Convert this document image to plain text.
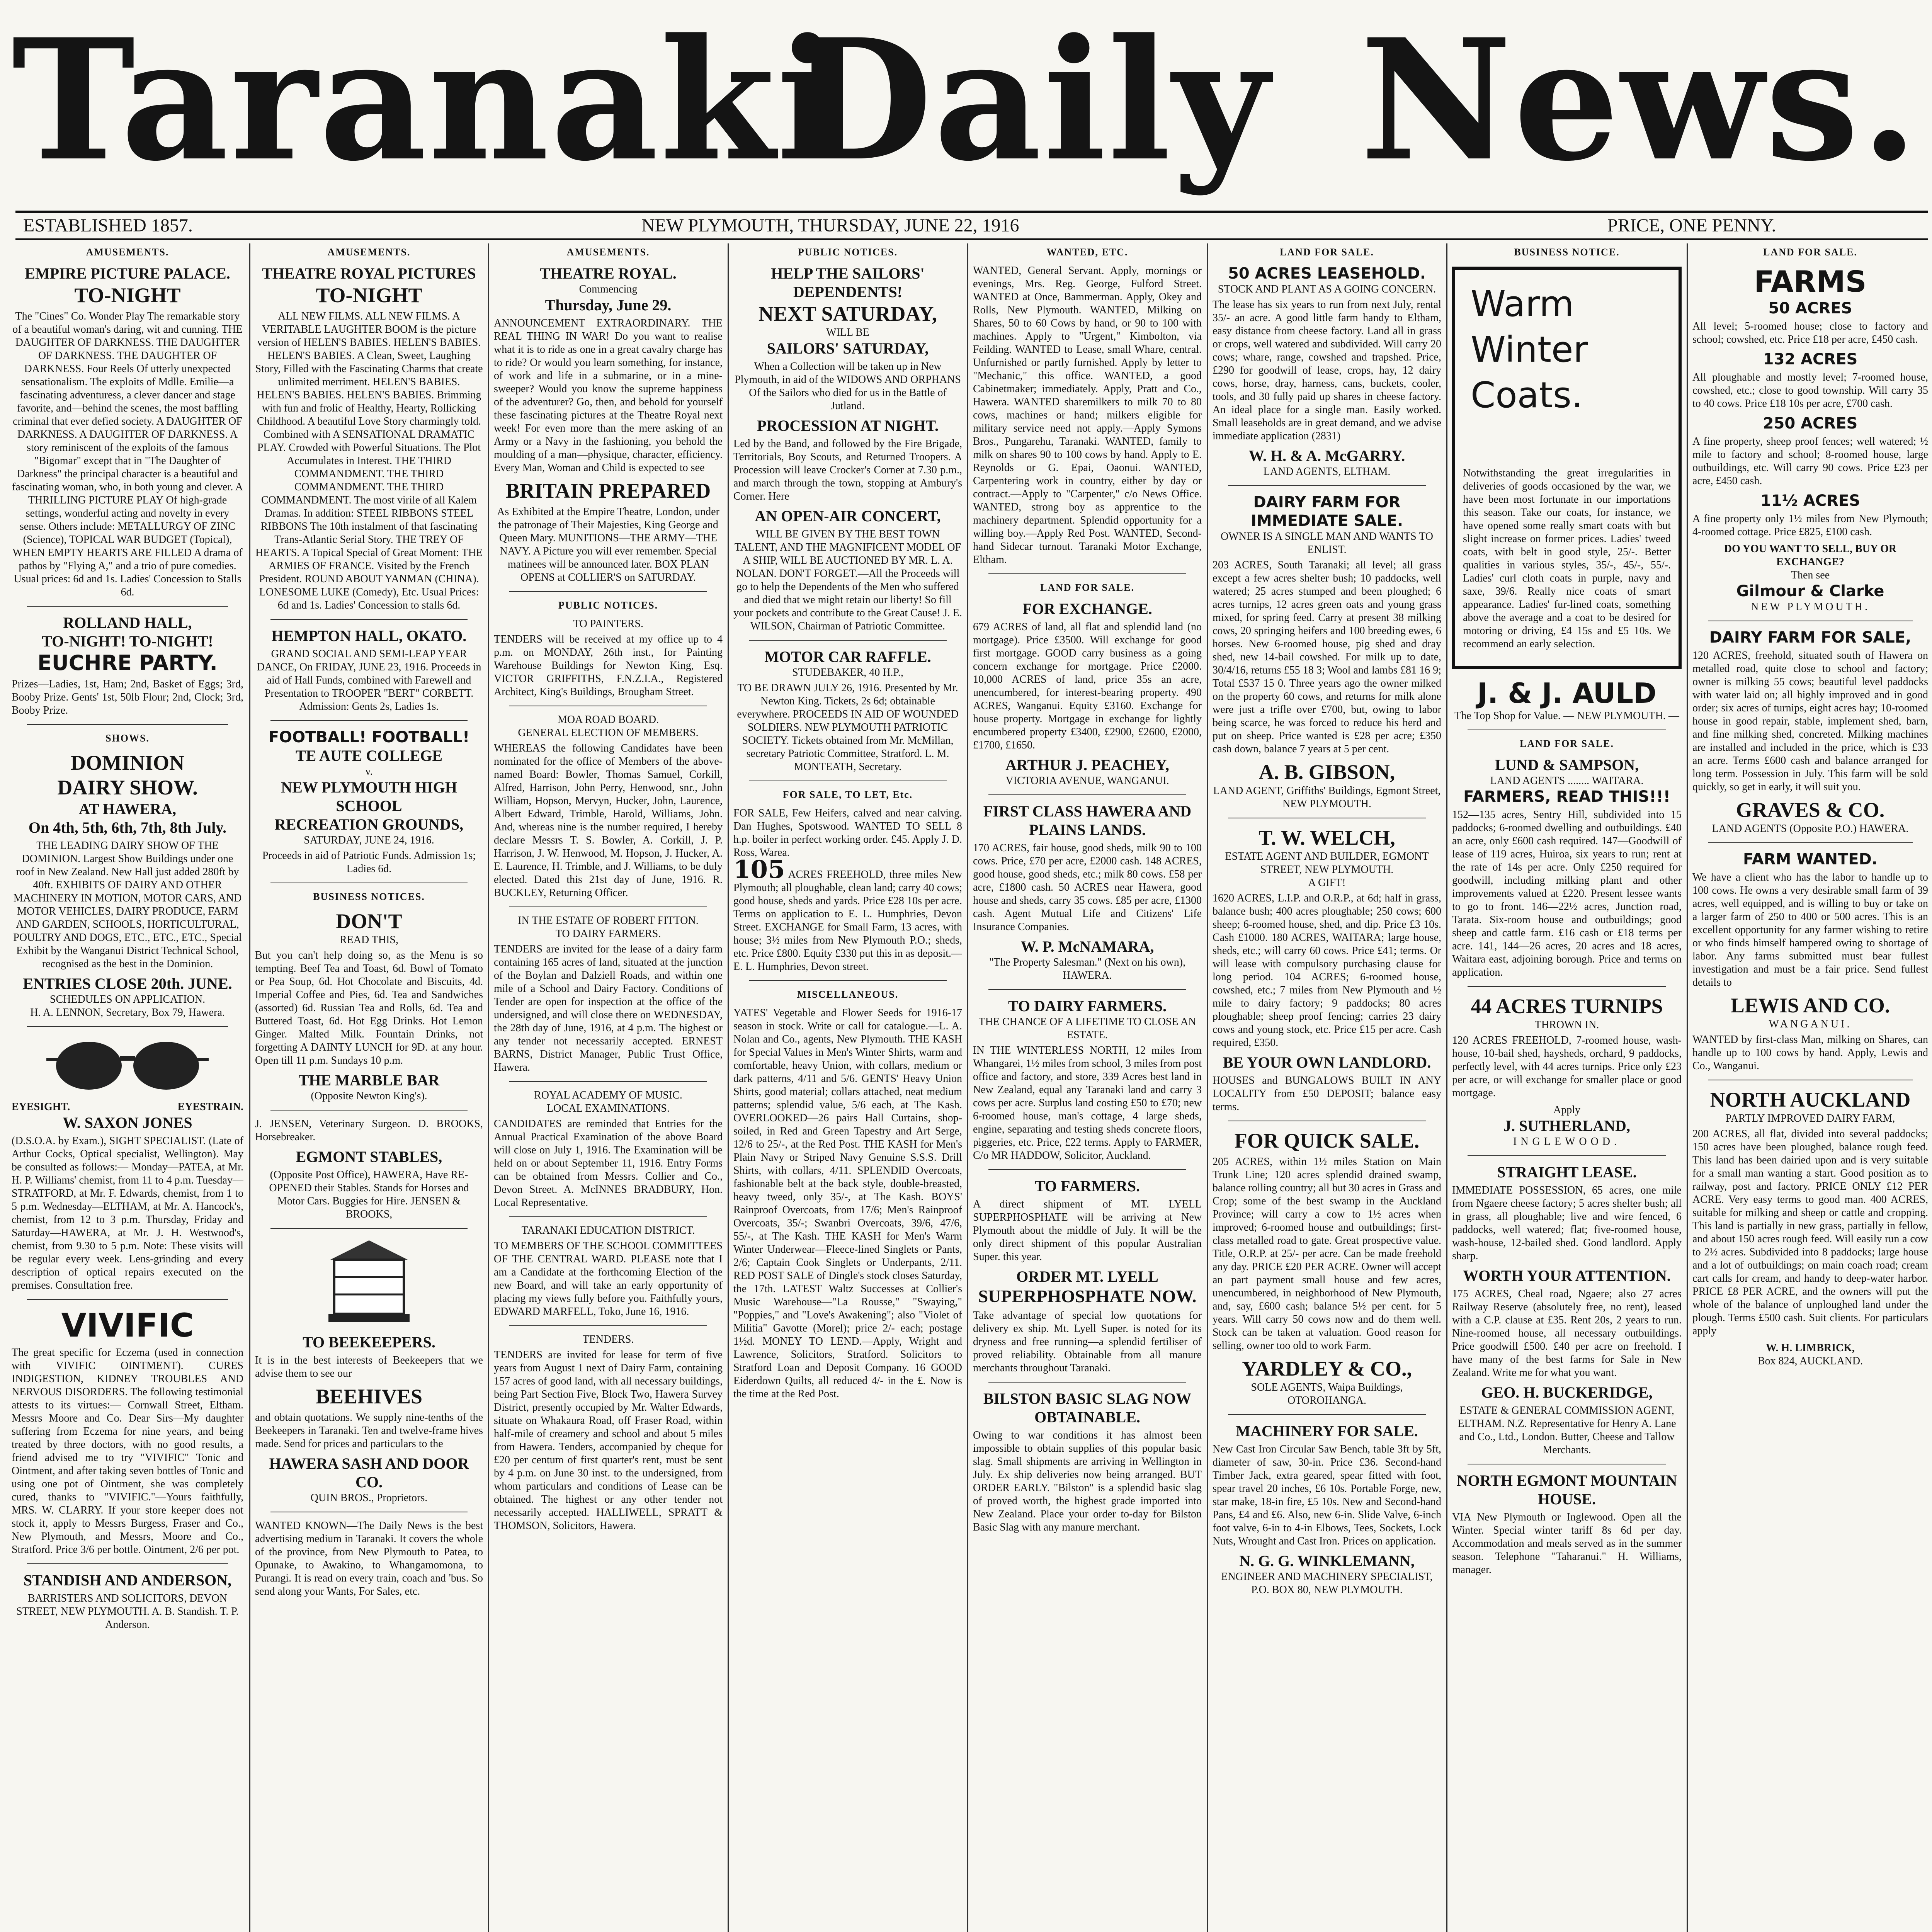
Taranaki
Daily News.
ESTABLISHED 1857.	NEW PLYMOUTH, THURSDAY, JUNE 22, 1916	PRICE, ONE PENNY.
AMUSEMENTS.
EMPIRE PICTURE PALACE.
TO-NIGHT
The "Cines" Co. Wonder Play The remarkable story of a beautiful woman's daring, wit and cunning. THE DAUGHTER OF DARKNESS. THE DAUGHTER OF DARKNESS. THE DAUGHTER OF DARKNESS. Four Reels Of utterly unexpected sensationalism. The exploits of Mdlle. Emilie—a fascinating adventuress, a clever dancer and stage favorite, and—behind the scenes, the most baffling criminal that ever defied society. A DAUGHTER OF DARKNESS. A DAUGHTER OF DARKNESS. A story reminiscent of the exploits of the famous "Bigomar" except that in "The Daughter of Darkness" the principal character is a beautiful and fascinating woman, who, in both young and clever. A THRILLING PICTURE PLAY Of high-grade settings, wonderful acting and novelty in every sense. Others include: METALLURGY OF ZINC (Science), TOPICAL WAR BUDGET (Topical), WHEN EMPTY HEARTS ARE FILLED A drama of pathos by "Flying A," and a trio of pure comedies. Usual prices: 6d and 1s. Ladies' Concession to Stalls 6d.
ROLLAND HALL,
TO-NIGHT! TO-NIGHT!
EUCHRE PARTY.
Prizes—Ladies, 1st, Ham; 2nd, Basket of Eggs; 3rd, Booby Prize. Gents' 1st, 50lb Flour; 2nd, Clock; 3rd, Booby Prize.
SHOWS.
DOMINION
DAIRY SHOW.
AT HAWERA,
On 4th, 5th, 6th, 7th, 8th July.
THE LEADING DAIRY SHOW OF THE DOMINION. Largest Show Buildings under one roof in New Zealand. New Hall just added 280ft by 40ft. EXHIBITS OF DAIRY AND OTHER MACHINERY IN MOTION, MOTOR CARS, AND MOTOR VEHICLES, DAIRY PRODUCE, FARM AND GARDEN, SCHOOLS, HORTICULTURAL, POULTRY AND DOGS, ETC., ETC., ETC., Special Exhibit by the Wanganui District Technical School, recognised as the best in the Dominion.
ENTRIES CLOSE 20th. JUNE.
SCHEDULES ON APPLICATION.
H. A. LENNON, Secretary, Box 79, Hawera.
EYESIGHT.	EYESTRAIN.
W. SAXON JONES
(D.S.O.A. by Exam.), SIGHT SPECIALIST. (Late of Arthur Cocks, Optical specialist, Wellington). May be consulted as follows:— Monday—PATEA, at Mr. H. P. Williams' chemist, from 11 to 4 p.m. Tuesday—STRATFORD, at Mr. F. Edwards, chemist, from 1 to 5 p.m. Wednesday—ELTHAM, at Mr. A. Hancock's, chemist, from 12 to 3 p.m. Thursday, Friday and Saturday—HAWERA, at Mr. J. H. Westwood's, chemist, from 9.30 to 5 p.m. Note: These visits will be regular every week. Lens-grinding and every description of optical repairs executed on the premises. Consultation free.
VIVIFIC
The great specific for Eczema (used in connection with VIVIFIC OINTMENT). CURES INDIGESTION, KIDNEY TROUBLES AND NERVOUS DISORDERS. The following testimonial attests to its virtues:— Cornwall Street, Eltham. Messrs Moore and Co. Dear Sirs—My daughter suffering from Eczema for nine years, and being treated by three doctors, with no good results, a friend advised me to try "VIVIFIC" Tonic and Ointment, and after taking seven bottles of Tonic and using one pot of Ointment, she was completely cured, thanks to "VIVIFIC."—Yours faithfully, MRS. W. CLARRY. If your store keeper does not stock it, apply to Messrs Burgess, Fraser and Co., New Plymouth, and Messrs, Moore and Co., Stratford. Price 3/6 per bottle. Ointment, 2/6 per pot.
STANDISH AND ANDERSON,
BARRISTERS AND SOLICITORS, DEVON STREET, NEW PLYMOUTH. A. B. Standish. T. P. Anderson.
AMUSEMENTS.
THEATRE ROYAL PICTURES
TO-NIGHT
ALL NEW FILMS. ALL NEW FILMS. A VERITABLE LAUGHTER BOOM is the picture version of HELEN'S BABIES. HELEN'S BABIES. HELEN'S BABIES. A Clean, Sweet, Laughing Story, Filled with the Fascinating Charms that create unlimited merriment. HELEN'S BABIES. HELEN'S BABIES. HELEN'S BABIES. Brimming with fun and frolic of Healthy, Hearty, Rollicking Childhood. A beautiful Love Story charmingly told. Combined with A SENSATIONAL DRAMATIC PLAY. Crowded with Powerful Situations. The Plot Accumulates in Interest. THE THIRD COMMANDMENT. THE THIRD COMMANDMENT. THE THIRD COMMANDMENT. The most virile of all Kalem Dramas. In addition: STEEL RIBBONS STEEL RIBBONS The 10th instalment of that fascinating Trans-Atlantic Serial Story. THE TREY OF HEARTS. A Topical Special of Great Moment: THE ARMIES OF FRANCE. Visited by the French President. ROUND ABOUT YANMAN (CHINA). LONESOME LUKE (Comedy), Etc. Usual Prices: 6d and 1s. Ladies' Concession to stalls 6d.
HEMPTON HALL, OKATO.
GRAND SOCIAL AND SEMI-LEAP YEAR DANCE, On FRIDAY, JUNE 23, 1916. Proceeds in aid of Hall Funds, combined with Farewell and Presentation to TROOPER "BERT" CORBETT. Admission: Gents 2s, Ladies 1s.
FOOTBALL! FOOTBALL!
TE AUTE COLLEGE
v.
NEW PLYMOUTH HIGH SCHOOL
RECREATION GROUNDS,
SATURDAY, JUNE 24, 1916.
Proceeds in aid of Patriotic Funds. Admission 1s; Ladies 6d.
BUSINESS NOTICES.
DON'T
READ THIS,
But you can't help doing so, as the Menu is so tempting. Beef Tea and Toast, 6d. Bowl of Tomato or Pea Soup, 6d. Hot Chocolate and Biscuits, 4d. Imperial Coffee and Pies, 6d. Tea and Sandwiches (assorted) 6d. Russian Tea and Rolls, 6d. Tea and Buttered Toast, 6d. Hot Egg Drinks. Hot Lemon Ginger. Malted Milk. Fountain Drinks, not forgetting A DAINTY LUNCH for 9D. at any hour. Open till 11 p.m. Sundays 10 p.m.
THE MARBLE BAR
(Opposite Newton King's).
J. JENSEN, Veterinary Surgeon. D. BROOKS, Horsebreaker.
EGMONT STABLES,
(Opposite Post Office), HAWERA, Have RE-OPENED their Stables. Stands for Horses and Motor Cars. Buggies for Hire. JENSEN & BROOKS,
TO BEEKEEPERS.
It is in the best interests of Beekeepers that we advise them to see our
BEEHIVES
and obtain quotations. We supply nine-tenths of the Beekeepers in Taranaki. Ten and twelve-frame hives made. Send for prices and particulars to the
HAWERA SASH AND DOOR CO.
QUIN BROS., Proprietors.
WANTED KNOWN—The Daily News is the best advertising medium in Taranaki. It covers the whole of the province, from New Plymouth to Patea, to Opunake, to Awakino, to Whangamomona, to Purangi. It is read on every train, coach and 'bus. So send along your Wants, For Sales, etc.
AMUSEMENTS.
THEATRE ROYAL.
Commencing
Thursday, June 29.
ANNOUNCEMENT EXTRAORDINARY. THE REAL THING IN WAR! Do you want to realise what it is to ride as one in a great cavalry charge has to ride? Or would you learn something, for instance, of work and life in a submarine, or in a mine-sweeper? Would you know the supreme happiness of the adventurer? Go, then, and behold for yourself these fascinating pictures at the Theatre Royal next week! For even more than the mere asking of an Army or a Navy in the fashioning, you behold the moulding of a man—physique, character, efficiency. Every Man, Woman and Child is expected to see
BRITAIN PREPARED
As Exhibited at the Empire Theatre, London, under the patronage of Their Majesties, King George and Queen Mary. MUNITIONS—THE ARMY—THE NAVY. A Picture you will ever remember. Special matinees will be announced later. BOX PLAN OPENS at COLLIER'S on SATURDAY.
PUBLIC NOTICES.
TO PAINTERS.
TENDERS will be received at my office up to 4 p.m. on MONDAY, 26th inst., for Painting Warehouse Buildings for Newton King, Esq. VICTOR GRIFFITHS, F.N.Z.I.A., Registered Architect, King's Buildings, Brougham Street.
MOA ROAD BOARD.
GENERAL ELECTION OF MEMBERS.
WHEREAS the following Candidates have been nominated for the office of Members of the above-named Board: Bowler, Thomas Samuel, Corkill, Alfred, Harrison, John Perry, Henwood, snr., John William, Hopson, Mervyn, Hucker, John, Laurence, Albert Edward, Trimble, Harold, Williams, John. And, whereas nine is the number required, I hereby declare Messrs T. S. Bowler, A. Corkill, J. P. Harrison, J. W. Henwood, M. Hopson, J. Hucker, A. E. Laurence, H. Trimble, and J. Williams, to be duly elected. Dated this 21st day of June, 1916. R. BUCKLEY, Returning Officer.
IN THE ESTATE OF ROBERT FITTON.
TO DAIRY FARMERS.
TENDERS are invited for the lease of a dairy farm containing 165 acres of land, situated at the junction of the Boylan and Dalziell Roads, and within one mile of a School and Dairy Factory. Conditions of Tender are open for inspection at the office of the undersigned, and will close there on WEDNESDAY, the 28th day of June, 1916, at 4 p.m. The highest or any tender not necessarily accepted. ERNEST BARNS, District Manager, Public Trust Office, Hawera.
ROYAL ACADEMY OF MUSIC.
LOCAL EXAMINATIONS.
CANDIDATES are reminded that Entries for the Annual Practical Examination of the above Board will close on July 1, 1916. The Examination will be held on or about September 11, 1916. Entry Forms can be obtained from Messrs. Collier and Co., Devon Street. A. McINNES BRADBURY, Hon. Local Representative.
TARANAKI EDUCATION DISTRICT.
TO MEMBERS OF THE SCHOOL COMMITTEES OF THE CENTRAL WARD. PLEASE note that I am a Candidate at the forthcoming Election of the new Board, and will take an early opportunity of placing my views fully before you. Faithfully yours, EDWARD MARFELL, Toko, June 16, 1916.
TENDERS.
TENDERS are invited for lease for term of five years from August 1 next of Dairy Farm, containing 157 acres of good land, with all necessary buildings, being Part Section Five, Block Two, Hawera Survey District, presently occupied by Mr. Walter Edwards, situate on Whakaura Road, off Fraser Road, within half-mile of creamery and school and about 5 miles from Hawera. Tenders, accompanied by cheque for £20 per centum of first quarter's rent, must be sent by 4 p.m. on June 30 inst. to the undersigned, from whom particulars and conditions of Lease can be obtained. The highest or any other tender not necessarily accepted. HALLIWELL, SPRATT & THOMSON, Solicitors, Hawera.
PUBLIC NOTICES.
HELP THE SAILORS' DEPENDENTS!
NEXT SATURDAY,
WILL BE
SAILORS' SATURDAY,
When a Collection will be taken up in New Plymouth, in aid of the WIDOWS AND ORPHANS Of the Sailors who died for us in the Battle of Jutland.
PROCESSION AT NIGHT.
Led by the Band, and followed by the Fire Brigade, Territorials, Boy Scouts, and Returned Troopers. A Procession will leave Crocker's Corner at 7.30 p.m., and march through the town, stopping at Ambury's Corner. Here
AN OPEN-AIR CONCERT,
WILL BE GIVEN BY THE BEST TOWN TALENT, AND THE MAGNIFICENT MODEL OF A SHIP, WILL BE AUCTIONED BY MR. L. A. NOLAN. DON'T FORGET.—All the Proceeds will go to help the Dependents of the Men who suffered and died that we might retain our liberty! So fill your pockets and contribute to the Great Cause! J. E. WILSON, Chairman of Patriotic Committee.
MOTOR CAR RAFFLE.
STUDEBAKER, 40 H.P.,
TO BE DRAWN JULY 26, 1916. Presented by Mr. Newton King. Tickets, 2s 6d; obtainable everywhere. PROCEEDS IN AID OF WOUNDED SOLDIERS. NEW PLYMOUTH PATRIOTIC SOCIETY. Tickets obtained from Mr. McMillan, secretary Patriotic Committee, Stratford. L. M. MONTEATH, Secretary.
FOR SALE, TO LET, Etc.
FOR SALE, Few Heifers, calved and near calving. Dan Hughes, Spotswood. WANTED TO SELL 8 h.p. boiler in perfect working order. £45. Apply J. D. Ross, Warea.
105 ACRES FREEHOLD, three miles New Plymouth; all ploughable, clean land; carry 40 cows; good house, sheds and yards. Price £28 10s per acre. Terms on application to E. L. Humphries, Devon Street. EXCHANGE for Small Farm, 13 acres, with house; 3½ miles from New Plymouth P.O.; sheds, etc. Price £800. Equity £330 put this in as deposit.—E. L. Humphries, Devon street.
MISCELLANEOUS.
YATES' Vegetable and Flower Seeds for 1916-17 season in stock. Write or call for catalogue.—L. A. Nolan and Co., agents, New Plymouth. THE KASH for Special Values in Men's Winter Shirts, warm and comfortable, heavy Union, with collars, medium or dark patterns, 4/11 and 5/6. GENTS' Heavy Union Shirts, good material; collars attached, neat medium patterns; splendid value, 5/6 each, at The Kash. OVERLOOKED—26 pairs Hall Curtains, shop-soiled, in Red and Green Tapestry and Art Serge, 12/6 to 25/-, at the Red Post. THE KASH for Men's Plain Navy or Striped Navy Genuine S.S.S. Drill Shirts, with collars, 4/11. SPLENDID Overcoats, fashionable belt at the back style, double-breasted, heavy tweed, only 35/-, at The Kash. BOYS' Rainproof Overcoats, from 17/6; Men's Rainproof Overcoats, 35/-; Swanbri Overcoats, 39/6, 47/6, 55/-, at The Kash. THE KASH for Men's Warm Winter Underwear—Fleece-lined Singlets or Pants, 2/6; Captain Cook Singlets or Underpants, 2/11. RED POST SALE of Dingle's stock closes Saturday, the 17th. LATEST Waltz Successes at Collier's Music Warehouse—"La Rousse," "Swaying," "Poppies," and "Love's Awakening"; also "Violet of Militia" Gavotte (Morel); price 2/- each; postage 1½d. MONEY TO LEND.—Apply, Wright and Lawrence, Solicitors, Stratford. Solicitors to Stratford Loan and Deposit Company. 16 GOOD Eiderdown Quilts, all reduced 4/- in the £. Now is the time at the Red Post.
WANTED, ETC.
WANTED, General Servant. Apply, mornings or evenings, Mrs. Reg. George, Fulford Street. WANTED at Once, Bammerman. Apply, Okey and Rolls, New Plymouth. WANTED, Milking on Shares, 50 to 60 Cows by hand, or 90 to 100 with machines. Apply to "Urgent," Kimbolton, via Feilding. WANTED to Lease, small Whare, central. Unfurnished or partly furnished. Apply by letter to "Mechanic," this office. WANTED, a good Cabinetmaker; immediately. Apply, Pratt and Co., Hawera. WANTED sharemilkers to milk 70 to 80 cows, machines or hand; milkers eligible for military service need not apply.—Apply Symons Bros., Pungarehu, Taranaki. WANTED, family to milk on shares 90 to 100 cows by hand. Apply to E. Reynolds or G. Epai, Oaonui. WANTED, Carpentering work in country, either by day or contract.—Apply to "Carpenter," c/o News Office. WANTED, strong boy as apprentice to the machinery department. Splendid opportunity for a willing boy.—Apply Red Post. WANTED, Second-hand Sidecar turnout. Taranaki Motor Exchange, Eltham.
LAND FOR SALE.
FOR EXCHANGE.
679 ACRES of land, all flat and splendid land (no mortgage). Price £3500. Will exchange for good first mortgage. GOOD carry business as a going concern exchange for mortgage. Price £2000. 10,000 ACRES of land, price 35s an acre, unencumbered, for interest-bearing property. 490 ACRES, Wanganui. Equity £3160. Exchange for house property. Mortgage in exchange for lightly encumbered property £3400, £2900, £2600, £2000, £1700, £1650.
ARTHUR J. PEACHEY,
VICTORIA AVENUE, WANGANUI.
FIRST CLASS HAWERA AND PLAINS LANDS.
170 ACRES, fair house, good sheds, milk 90 to 100 cows. Price, £70 per acre, £2000 cash. 148 ACRES, good house, good sheds, etc.; milk 80 cows. £58 per acre, £1800 cash. 50 ACRES near Hawera, good house and sheds, carry 35 cows. £85 per acre, £1300 cash. Agent Mutual Life and Citizens' Life Insurance Companies.
W. P. McNAMARA,
"The Property Salesman." (Next on his own), HAWERA.
TO DAIRY FARMERS.
THE CHANCE OF A LIFETIME TO CLOSE AN ESTATE.
IN THE WINTERLESS NORTH, 12 miles from Whangarei, 1½ miles from school, 3 miles from post office and factory, and store, 339 Acres best land in New Zealand, equal any Taranaki land and carry 3 cows per acre. Surplus land costing £50 to £70; new 6-roomed house, man's cottage, 4 large sheds, engine, separating and testing sheds concrete floors, piggeries, etc. Price, £22 terms. Apply to FARMER, C/o MR HADDOW, Solicitor, Auckland.
TO FARMERS.
A direct shipment of MT. LYELL SUPERPHOSPHATE will be arriving at New Plymouth about the middle of July. It will be the only direct shipment of this popular Australian Super. this year.
ORDER MT. LYELL
SUPERPHOSPHATE NOW.
Take advantage of special low quotations for delivery ex ship. Mt. Lyell Super. is noted for its dryness and free running—a splendid fertiliser of proved reliability. Obtainable from all manure merchants throughout Taranaki.
BILSTON BASIC SLAG NOW OBTAINABLE.
Owing to war conditions it has almost been impossible to obtain supplies of this popular basic slag. Small shipments are arriving in Wellington in July. Ex ship deliveries now being arranged. BUT ORDER EARLY. "Bilston" is a splendid basic slag of proved worth, the highest grade imported into New Zealand. Place your order to-day for Bilston Basic Slag with any manure merchant.
LAND FOR SALE.
50 ACRES LEASEHOLD.
STOCK AND PLANT AS A GOING CONCERN.
The lease has six years to run from next July, rental 35/- an acre. A good little farm handy to Eltham, easy distance from cheese factory. Land all in grass or crops, well watered and subdivided. Will carry 20 cows; whare, range, cowshed and trapshed. Price, £290 for goodwill of lease, crops, hay, 12 dairy cows, horse, dray, harness, cans, buckets, cooler, tools, and 30 fully paid up shares in cheese factory. An ideal place for a single man. Easily worked. Small leaseholds are in great demand, and we advise immediate application (2831)
W. H. & A. McGARRY.
LAND AGENTS, ELTHAM.
DAIRY FARM FOR IMMEDIATE SALE.
OWNER IS A SINGLE MAN AND WANTS TO ENLIST.
203 ACRES, South Taranaki; all level; all grass except a few acres shelter bush; 10 paddocks, well watered; 25 acres stumped and been ploughed; 6 acres turnips, 12 acres green oats and young grass mixed, for spring feed. Carry at present 38 milking cows, 20 springing heifers and 100 breeding ewes, 6 horses. New 6-roomed house, pig shed and dray shed, new 14-bail cowshed. For milk up to date, 30/4/16, returns £55 18 3; Wool and lambs £81 16 9; Total £537 15 0. Three years ago the owner milked on the property 60 cows, and returns for milk alone were just a trifle over £700, but, owing to labor being scarce, he was forced to reduce his herd and put on sheep. Price wanted is £28 per acre; £350 cash down, balance 7 years at 5 per cent.
A. B. GIBSON,
LAND AGENT, Griffiths' Buildings, Egmont Street, NEW PLYMOUTH.
T. W. WELCH,
ESTATE AGENT AND BUILDER, EGMONT STREET, NEW PLYMOUTH.
A GIFT!
1620 ACRES, L.I.P. and O.R.P., at 6d; half in grass, balance bush; 400 acres ploughable; 250 cows; 600 sheep; 6-roomed house, shed, and dip. Price £3 10s. Cash £1000. 180 ACRES, WAITARA; large house, sheds, etc.; will carry 60 cows. Price £41; terms. Or will lease with compulsory purchasing clause for long period. 104 ACRES; 6-roomed house, cowshed, etc.; 7 miles from New Plymouth and ½ mile to dairy factory; 9 paddocks; 80 acres ploughable; sheep proof fencing; carries 23 dairy cows and young stock, etc. Price £15 per acre. Cash required, £350.
BE YOUR OWN LANDLORD.
HOUSES and BUNGALOWS BUILT IN ANY LOCALITY from £50 DEPOSIT; balance easy terms.
FOR QUICK SALE.
205 ACRES, within 1½ miles Station on Main Trunk Line; 120 acres splendid drained swamp, balance rolling country; all but 30 acres in Grass and Crop; some of the best swamp in the Auckland Province; will carry a cow to 1½ acres when improved; 6-roomed house and outbuildings; first-class metalled road to gate. Great prospective value. Title, O.R.P. at 25/- per acre. Can be made freehold any day. PRICE £20 PER ACRE. Owner will accept an part payment small house and few acres, unencumbered, in neighborhood of New Plymouth, and, say, £600 cash; balance 5½ per cent. for 5 years. Will carry 50 cows now and do them well. Stock can be taken at valuation. Good reason for selling, owner too old to work Farm.
YARDLEY & CO.,
SOLE AGENTS, Waipa Buildings, OTOROHANGA.
MACHINERY FOR SALE.
New Cast Iron Circular Saw Bench, table 3ft by 5ft, diameter of saw, 30-in. Price £36. Second-hand Timber Jack, extra geared, spear fitted with foot, spear travel 20 inches, £6 10s. Portable Forge, new, star make, 18-in fire, £5 10s. New and Second-hand Pans, £4 and £6. Also, new 6-in. Slide Valve, 6-inch foot valve, 6-in to 4-in Elbows, Tees, Sockets, Lock Nuts, Wrought and Cast Iron. Prices on application.
N. G. G. WINKLEMANN,
ENGINEER AND MACHINERY SPECIALIST, P.O. BOX 80, NEW PLYMOUTH.
BUSINESS NOTICE.
Warm
Winter
Coats.
Notwithstanding the great irregularities in deliveries of goods occasioned by the war, we have been most fortunate in our importations this season. Take our coats, for instance, we have opened some really smart coats with but slight increase on former prices. Ladies' tweed coats, with belt in good style, 25/-. Better qualities in various styles, 35/-, 45/-, 55/-. Ladies' curl cloth coats in purple, navy and saxe, 39/6. Really nice coats of smart appearance. Ladies' fur-lined coats, something above the average and a coat to be desired for motoring or driving, £4 15s and £5 10s. We recommend an early selection.
J. & J. AULD
The Top Shop for Value. — NEW PLYMOUTH. —
LAND FOR SALE.
LUND & SAMPSON,
LAND AGENTS ........ WAITARA.
FARMERS, READ THIS!!!
152—135 acres, Sentry Hill, subdivided into 15 paddocks; 6-roomed dwelling and outbuildings. £40 an acre, only £600 cash required. 147—Goodwill of lease of 119 acres, Huiroa, six years to run; rent at the rate of 14s per acre. Only £250 required for goodwill, including milking plant and other improvements valued at £220. Present lessee wants to go to front. 146—22½ acres, Junction road, Tarata. Six-room house and outbuildings; good sheep and cattle farm. £16 cash or £18 terms per acre. 141, 144—26 acres, 20 acres and 18 acres, Waitara east, adjoining borough. Price and terms on application.
44 ACRES TURNIPS
THROWN IN.
120 ACRES FREEHOLD, 7-roomed house, wash-house, 10-bail shed, haysheds, orchard, 9 paddocks, perfectly level, with 44 acres turnips. Price only £23 per acre, or will exchange for smaller place or good mortgage.
Apply
J. SUTHERLAND,
INGLEWOOD.
STRAIGHT LEASE.
IMMEDIATE POSSESSION, 65 acres, one mile from Ngaere cheese factory; 5 acres shelter bush; all in grass, all ploughable; live and wire fenced, 6 paddocks, well watered; flat; five-roomed house, wash-house, 12-bailed shed. Good landlord. Apply sharp.
WORTH YOUR ATTENTION.
175 ACRES, Cheal road, Ngaere; also 27 acres Railway Reserve (absolutely free, no rent), leased with a C.P. clause at £35. Rent 20s, 2 years to run. Nine-roomed house, all necessary outbuildings. Price goodwill £500. £40 per acre on freehold. I have many of the best farms for Sale in New Zealand. Write me for what you want.
GEO. H. BUCKERIDGE,
ESTATE & GENERAL COMMISSION AGENT, ELTHAM. N.Z. Representative for Henry A. Lane and Co., Ltd., London. Butter, Cheese and Tallow Merchants.
NORTH EGMONT MOUNTAIN HOUSE.
VIA New Plymouth or Inglewood. Open all the Winter. Special winter tariff 8s 6d per day. Accommodation and meals served as in the summer season. Telephone "Taharanui." H. Williams, manager.
LAND FOR SALE.
FARMS
50 ACRES
All level; 5-roomed house; close to factory and school; cowshed, etc. Price £18 per acre, £450 cash.
132 ACRES
All ploughable and mostly level; 7-roomed house, cowshed, etc.; close to good township. Will carry 35 to 40 cows. Price £18 10s per acre, £700 cash.
250 ACRES
A fine property, sheep proof fences; well watered; ½ mile to factory and school; 8-roomed house, large outbuildings, etc. Will carry 90 cows. Price £23 per acre, £450 cash.
11½ ACRES
A fine property only 1½ miles from New Plymouth; 4-roomed cottage. Price £825, £100 cash.
DO YOU WANT TO SELL, BUY OR EXCHANGE?
Then see
Gilmour & Clarke
NEW PLYMOUTH.
DAIRY FARM FOR SALE,
120 ACRES, freehold, situated south of Hawera on metalled road, quite close to school and factory; owner is milking 55 cows; beautiful level paddocks with water laid on; all highly improved and in good order; six acres of turnips, eight acres hay; 10-roomed house in good repair, stable, implement shed, barn, and fine milking shed, concreted. Milking machines are installed and included in the price, which is £33 an acre. Terms £600 cash and balance arranged for long term. Possession in July. This farm will be sold quickly, so get in early, it will suit you.
GRAVES & CO.
LAND AGENTS (Opposite P.O.) HAWERA.
FARM WANTED.
We have a client who has the labor to handle up to 100 cows. He owns a very desirable small farm of 39 acres, well equipped, and is willing to buy or take on a larger farm of 250 to 400 or 500 acres. This is an excellent opportunity for any farmer wishing to retire or who finds himself hampered owing to shortage of labor. Any farms submitted must bear fullest investigation and must be a fair price. Send fullest details to
LEWIS AND CO.
WANGANUI.
WANTED by first-class Man, milking on Shares, can handle up to 100 cows by hand. Apply, Lewis and Co., Wanganui.
NORTH AUCKLAND
PARTLY IMPROVED DAIRY FARM,
200 ACRES, all flat, divided into several paddocks; 150 acres have been ploughed, balance rough feed. This land has been dairied upon and is very suitable for a small man wanting a start. Good position as to railway, post and factory. PRICE ONLY £12 PER ACRE. Very easy terms to good man. 400 ACRES, suitable for milking and sheep or cattle and cropping. This land is partially in new grass, partially in fellow, and about 150 acres rough feed. Will easily run a cow to 2½ acres. Subdivided into 8 paddocks; large house and a lot of outbuildings; on main coach road; cream cart calls for cream, and handy to deep-water harbor. PRICE £8 PER ACRE, and the owners will put the whole of the balance of unploughed land under the plough. Terms £500 cash. Suit clients. For particulars apply
W. H. LIMBRICK,
Box 824, AUCKLAND.
